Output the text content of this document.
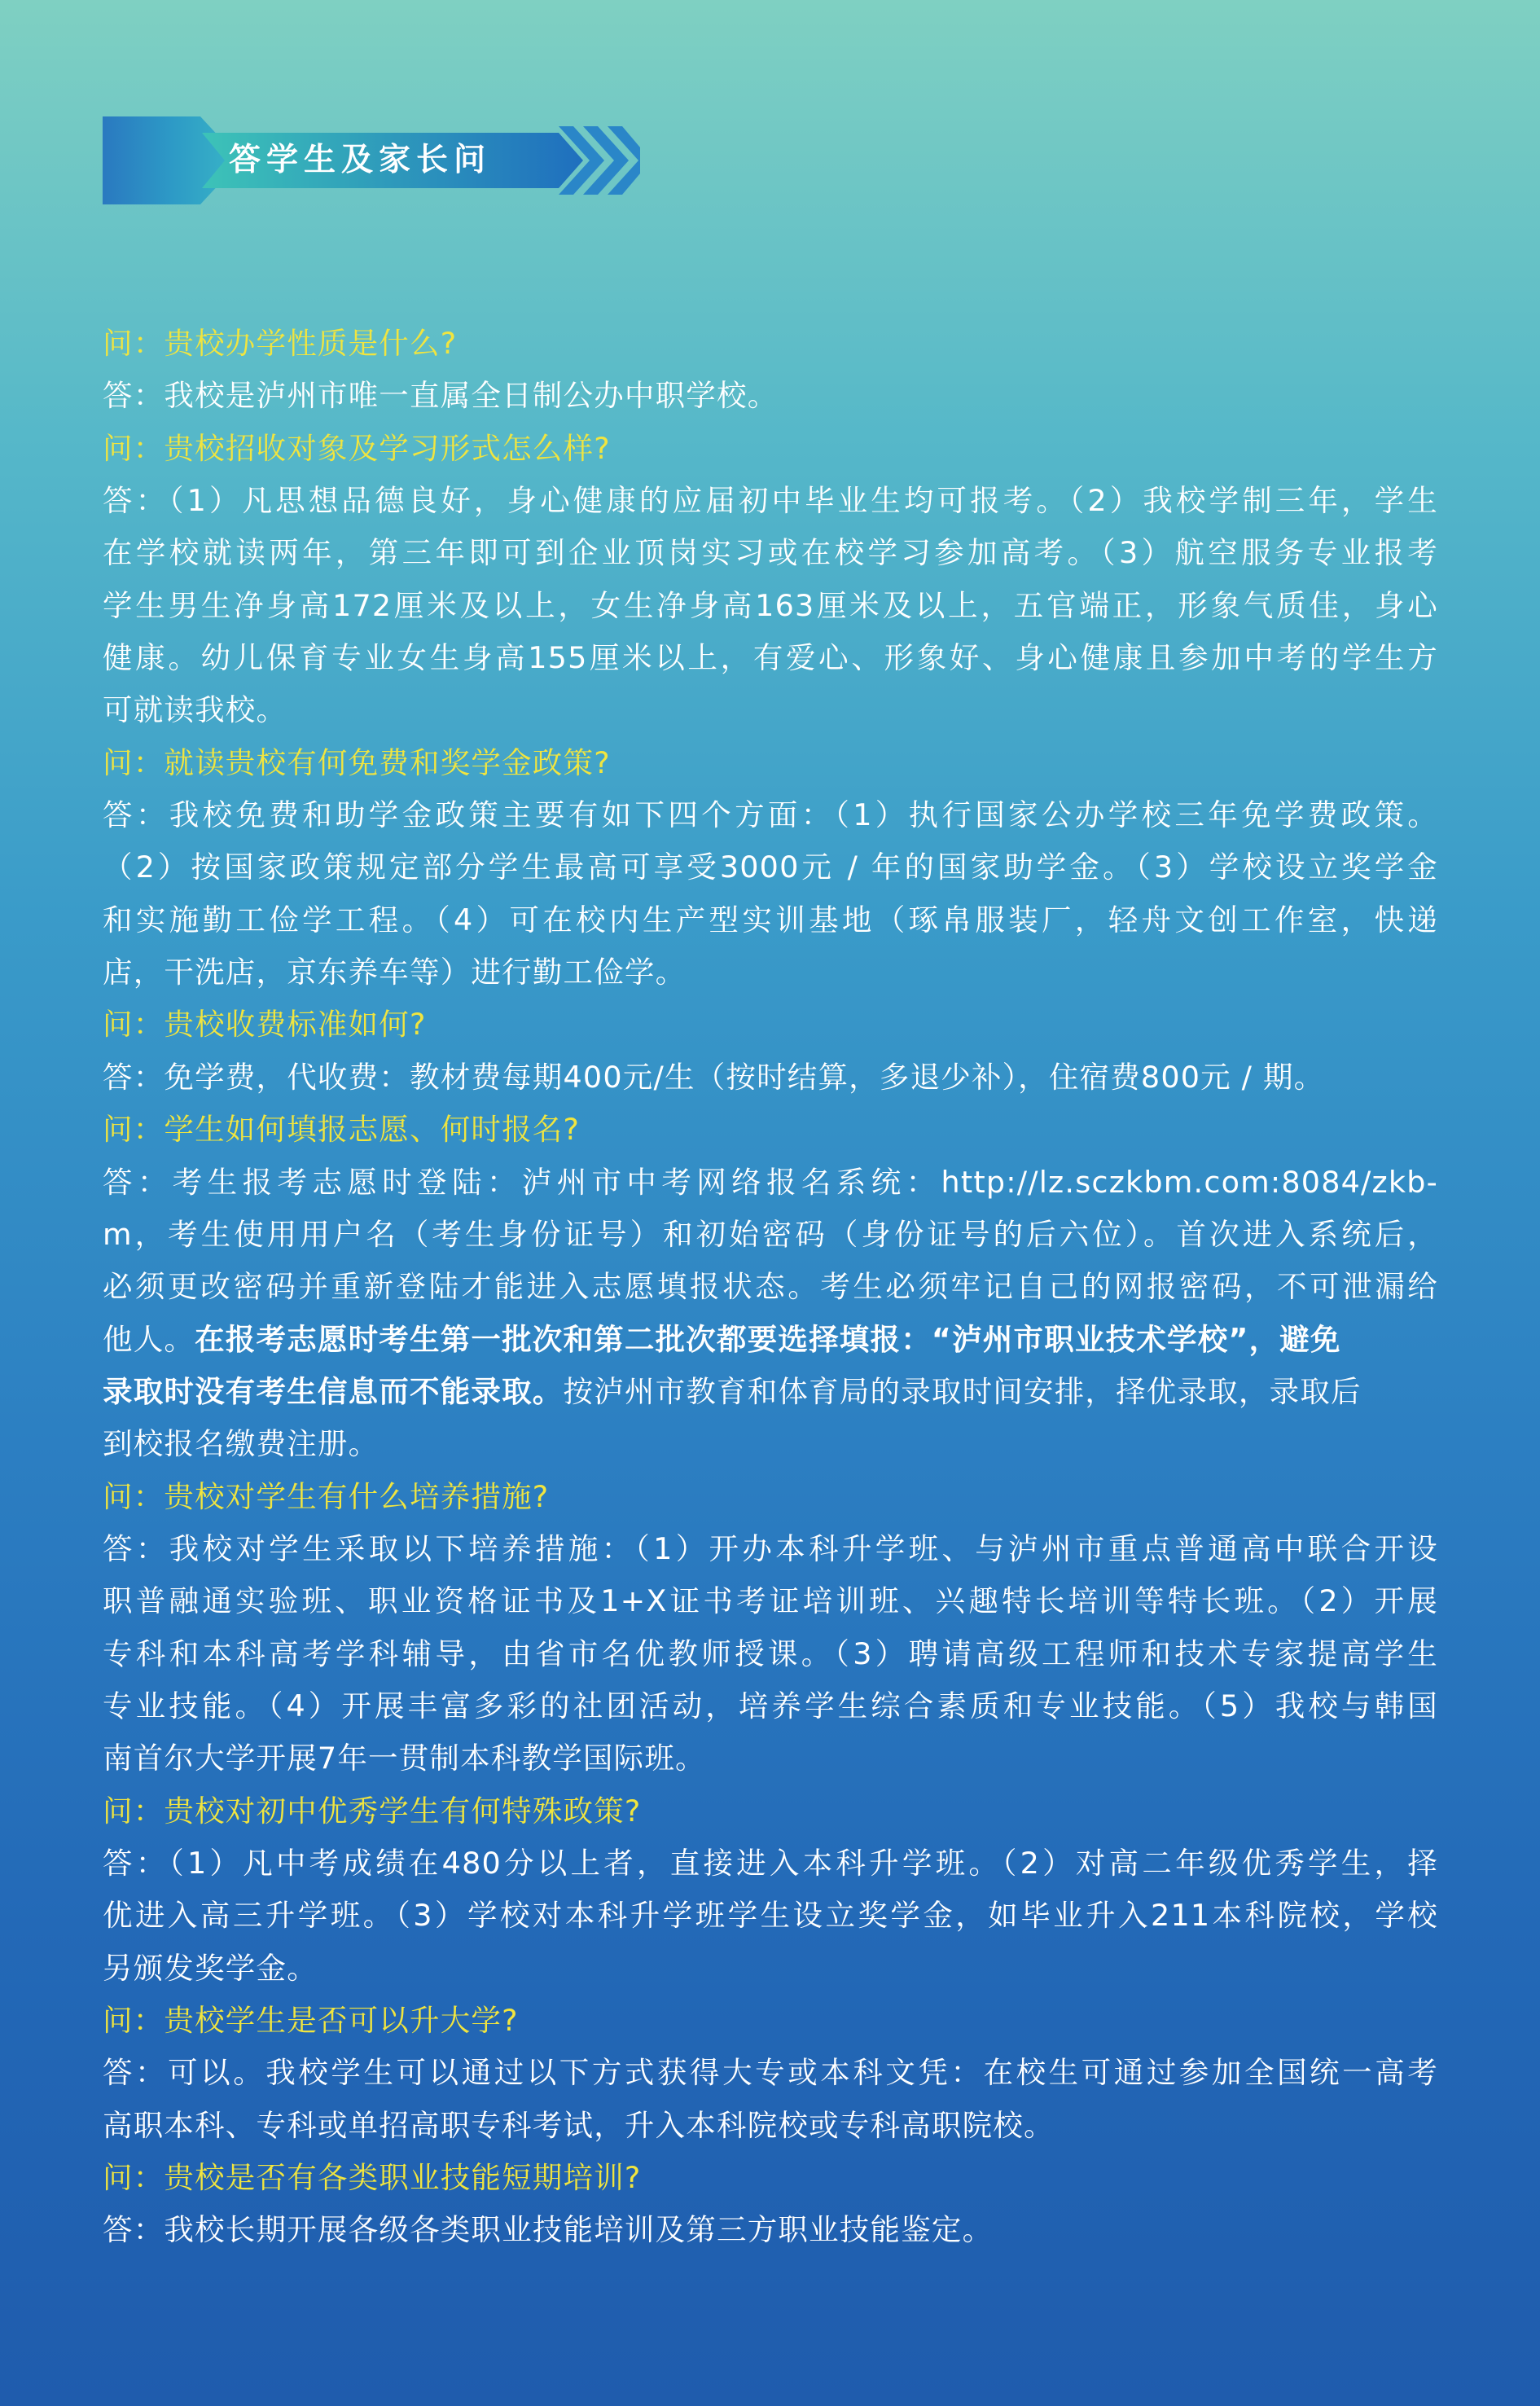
答学生及家长问
问：贵校办学性质是什么?
答：我校是泸州市唯一直属全日制公办中职学校。
问：贵校招收对象及学习形式怎么样?
答：（1）凡思想品德良好，身心健康的应届初中毕业生均可报考。（2）我校学制三年，学生
在学校就读两年，第三年即可到企业顶岗实习或在校学习参加高考。（3）航空服务专业报考
学生男生净身高172厘米及以上，女生净身高163厘米及以上，五官端正，形象气质佳，身心
健康。幼儿保育专业女生身高155厘米以上，有爱心、形象好、身心健康且参加中考的学生方
可就读我校。
问：就读贵校有何免费和奖学金政策?
答：我校免费和助学金政策主要有如下四个方面：（1）执行国家公办学校三年免学费政策。
（2）按国家政策规定部分学生最高可享受3000元 / 年的国家助学金。（3）学校设立奖学金
和实施勤工俭学工程。（4）可在校内生产型实训基地（琢帛服装厂，轻舟文创工作室，快递
店，干洗店，京东养车等）进行勤工俭学。
问：贵校收费标准如何?
答：免学费，代收费：教材费每期400元/生（按时结算，多退少补），住宿费800元 / 期。
问：学生如何填报志愿、何时报名?
答：考生报考志愿时登陆：泸州市中考网络报名系统：http://lz.sczkbm.com:8084/zkb-
m，考生使用用户名（考生身份证号）和初始密码（身份证号的后六位）。首次进入系统后，
必须更改密码并重新登陆才能进入志愿填报状态。考生必须牢记自己的网报密码，不可泄漏给
他人。在报考志愿时考生第一批次和第二批次都要选择填报：“泸州市职业技术学校”，避免
录取时没有考生信息而不能录取。按泸州市教育和体育局的录取时间安排，择优录取，录取后
到校报名缴费注册。
问：贵校对学生有什么培养措施?
答：我校对学生采取以下培养措施：（1）开办本科升学班、与泸州市重点普通高中联合开设
职普融通实验班、职业资格证书及1+X证书考证培训班、兴趣特长培训等特长班。（2）开展
专科和本科高考学科辅导，由省市名优教师授课。（3）聘请高级工程师和技术专家提高学生
专业技能。（4）开展丰富多彩的社团活动，培养学生综合素质和专业技能。（5）我校与韩国
南首尔大学开展7年一贯制本科教学国际班。
问：贵校对初中优秀学生有何特殊政策?
答：（1）凡中考成绩在480分以上者，直接进入本科升学班。（2）对高二年级优秀学生，择
优进入高三升学班。（3）学校对本科升学班学生设立奖学金，如毕业升入211本科院校，学校
另颁发奖学金。
问：贵校学生是否可以升大学?
答：可以。我校学生可以通过以下方式获得大专或本科文凭：在校生可通过参加全国统一高考
高职本科、专科或单招高职专科考试，升入本科院校或专科高职院校。
问：贵校是否有各类职业技能短期培训?
答：我校长期开展各级各类职业技能培训及第三方职业技能鉴定。
